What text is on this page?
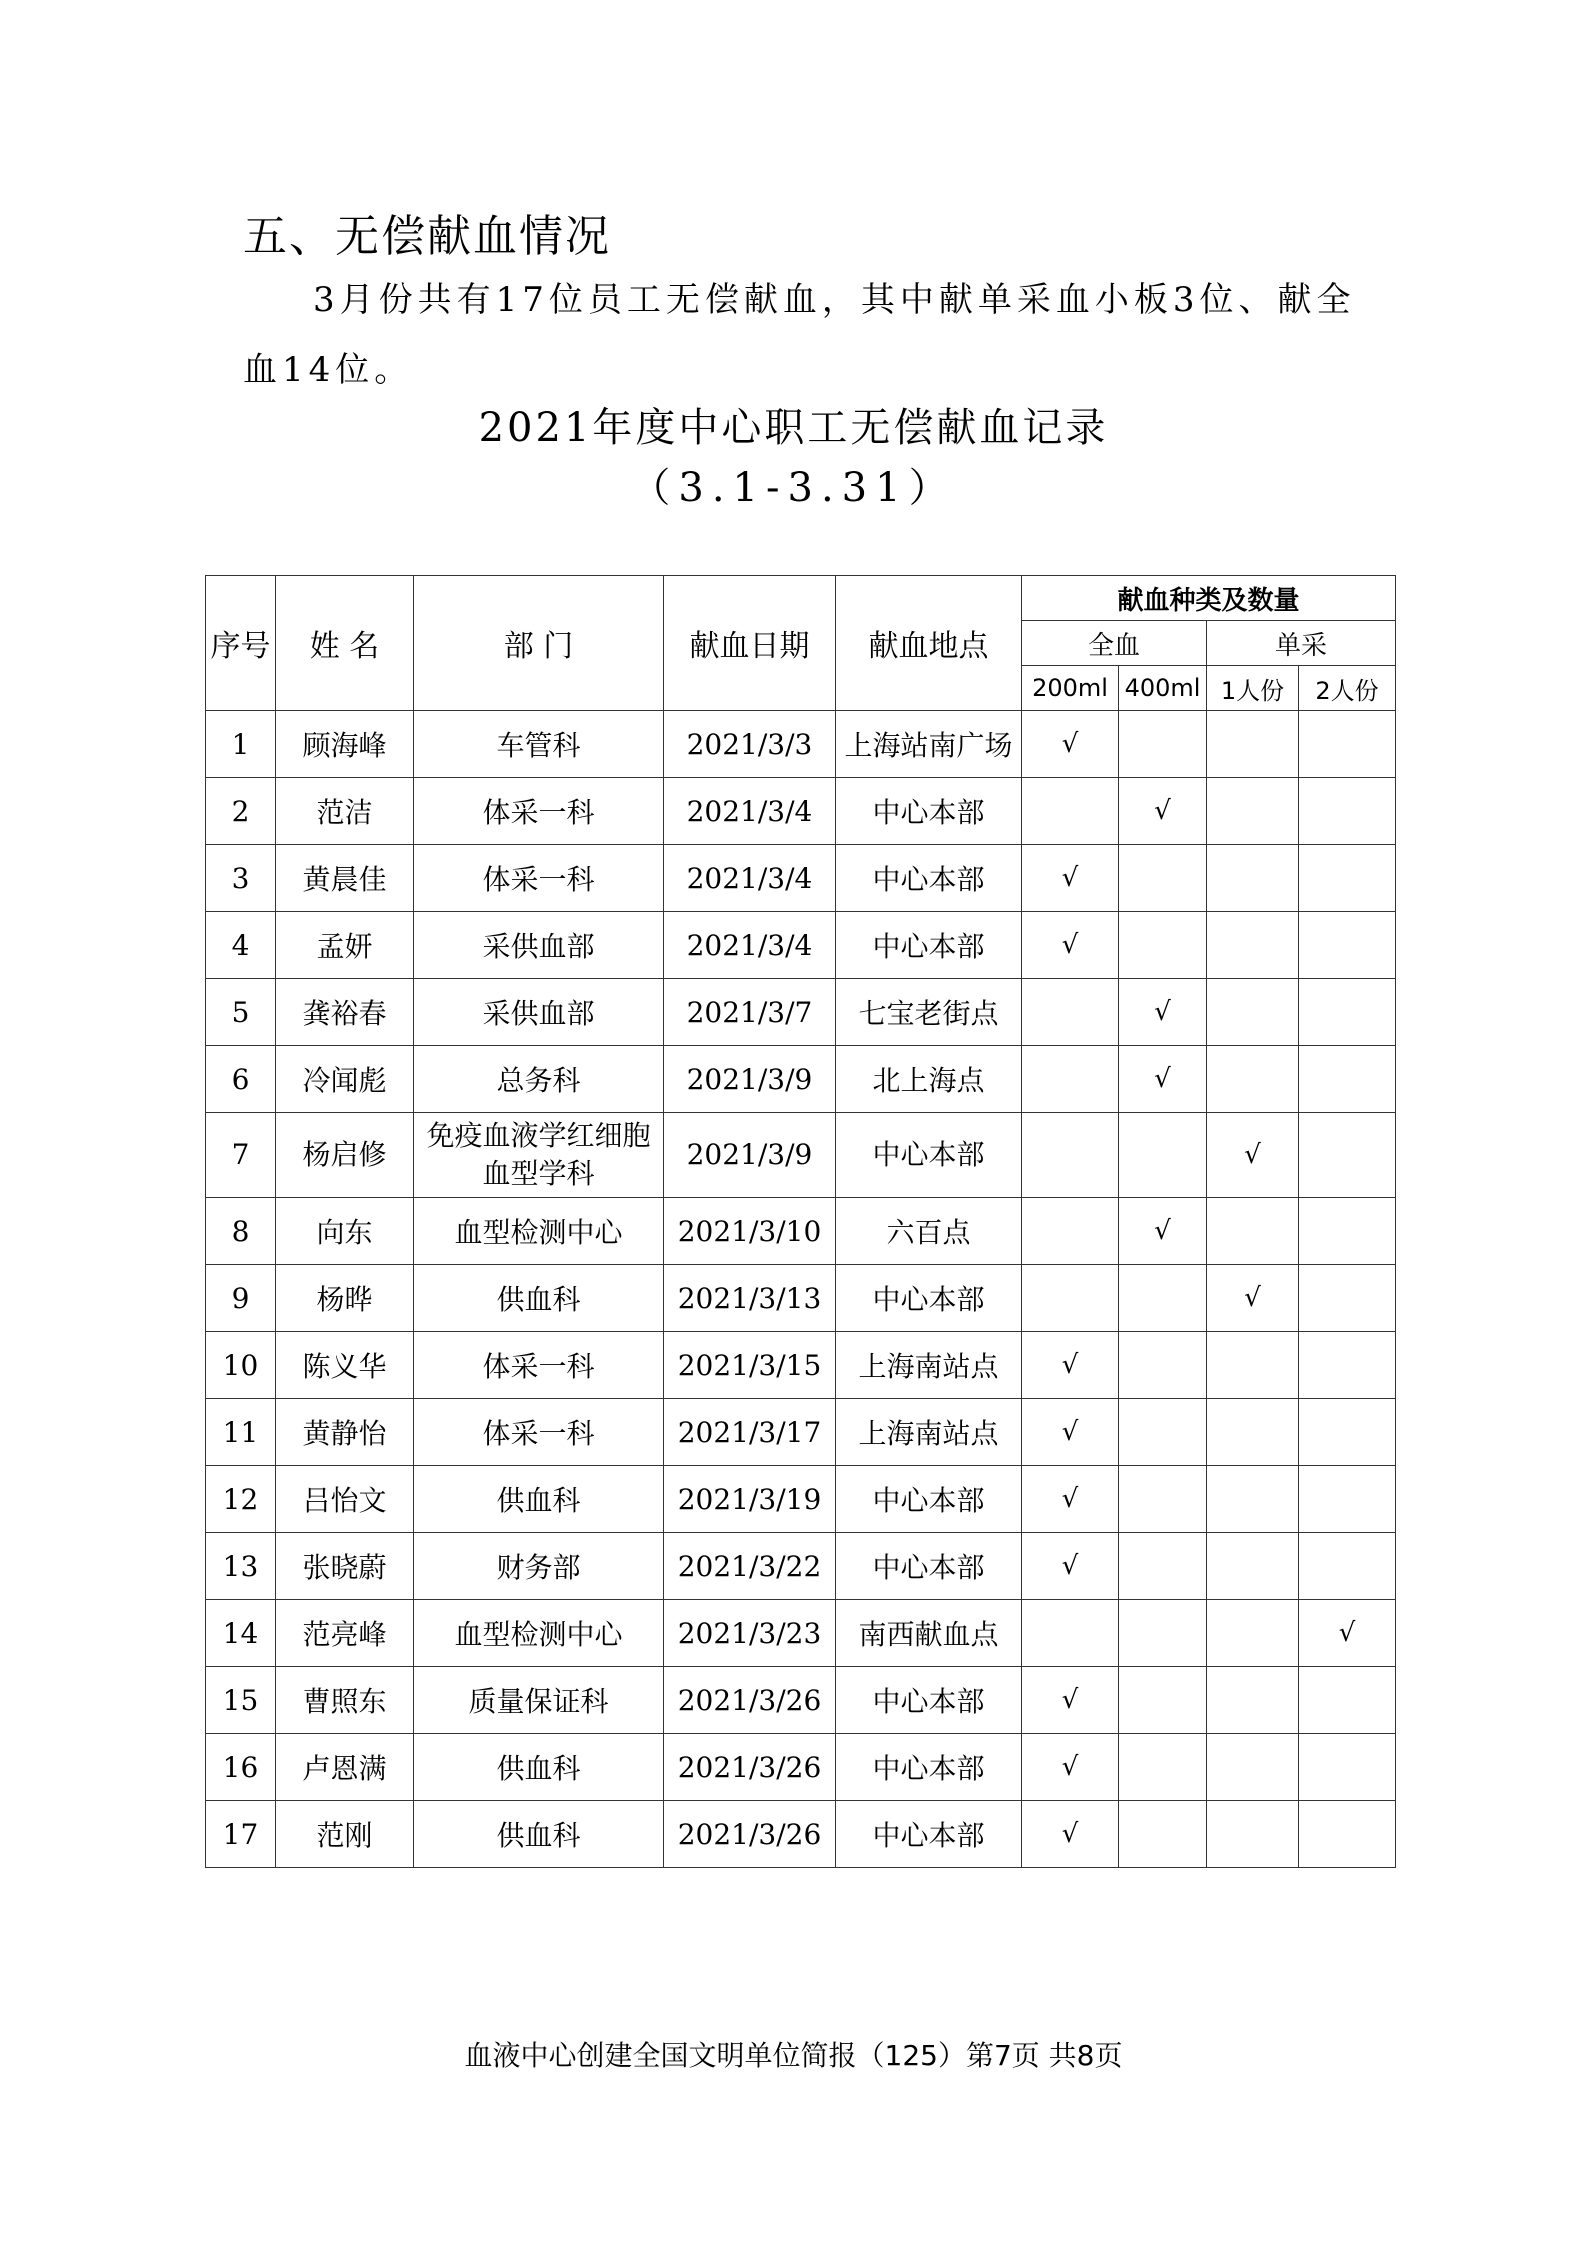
五、无偿献血情况
3月份共有17位员工无偿献血，其中献单采血小板3位、献全血14位。
2021年度中心职工无偿献血记录
（3.1-3.31）
序号	姓 名	部 门	献血日期	献血地点	献血种类及数量			
					全血		单采	
					200ml	400ml	1人份	2人份
1	顾海峰	车管科	2021/3/3	上海站南广场	√			
2	范洁	体采一科	2021/3/4	中心本部		√		
3	黄晨佳	体采一科	2021/3/4	中心本部	√			
4	孟妍	采供血部	2021/3/4	中心本部	√			
5	龚裕春	采供血部	2021/3/7	七宝老街点		√		
6	冷闻彪	总务科	2021/3/9	北上海点		√		
7	杨启修	免疫血液学红细胞
血型学科	2021/3/9	中心本部			√	
8	向东	血型检测中心	2021/3/10	六百点		√		
9	杨晔	供血科	2021/3/13	中心本部			√	
10	陈义华	体采一科	2021/3/15	上海南站点	√			
11	黄静怡	体采一科	2021/3/17	上海南站点	√			
12	吕怡文	供血科	2021/3/19	中心本部	√			
13	张晓蔚	财务部	2021/3/22	中心本部	√			
14	范亮峰	血型检测中心	2021/3/23	南西献血点				√
15	曹照东	质量保证科	2021/3/26	中心本部	√			
16	卢恩满	供血科	2021/3/26	中心本部	√			
17	范刚	供血科	2021/3/26	中心本部	√			
血液中心创建全国文明单位简报（125）第7页 共8页
